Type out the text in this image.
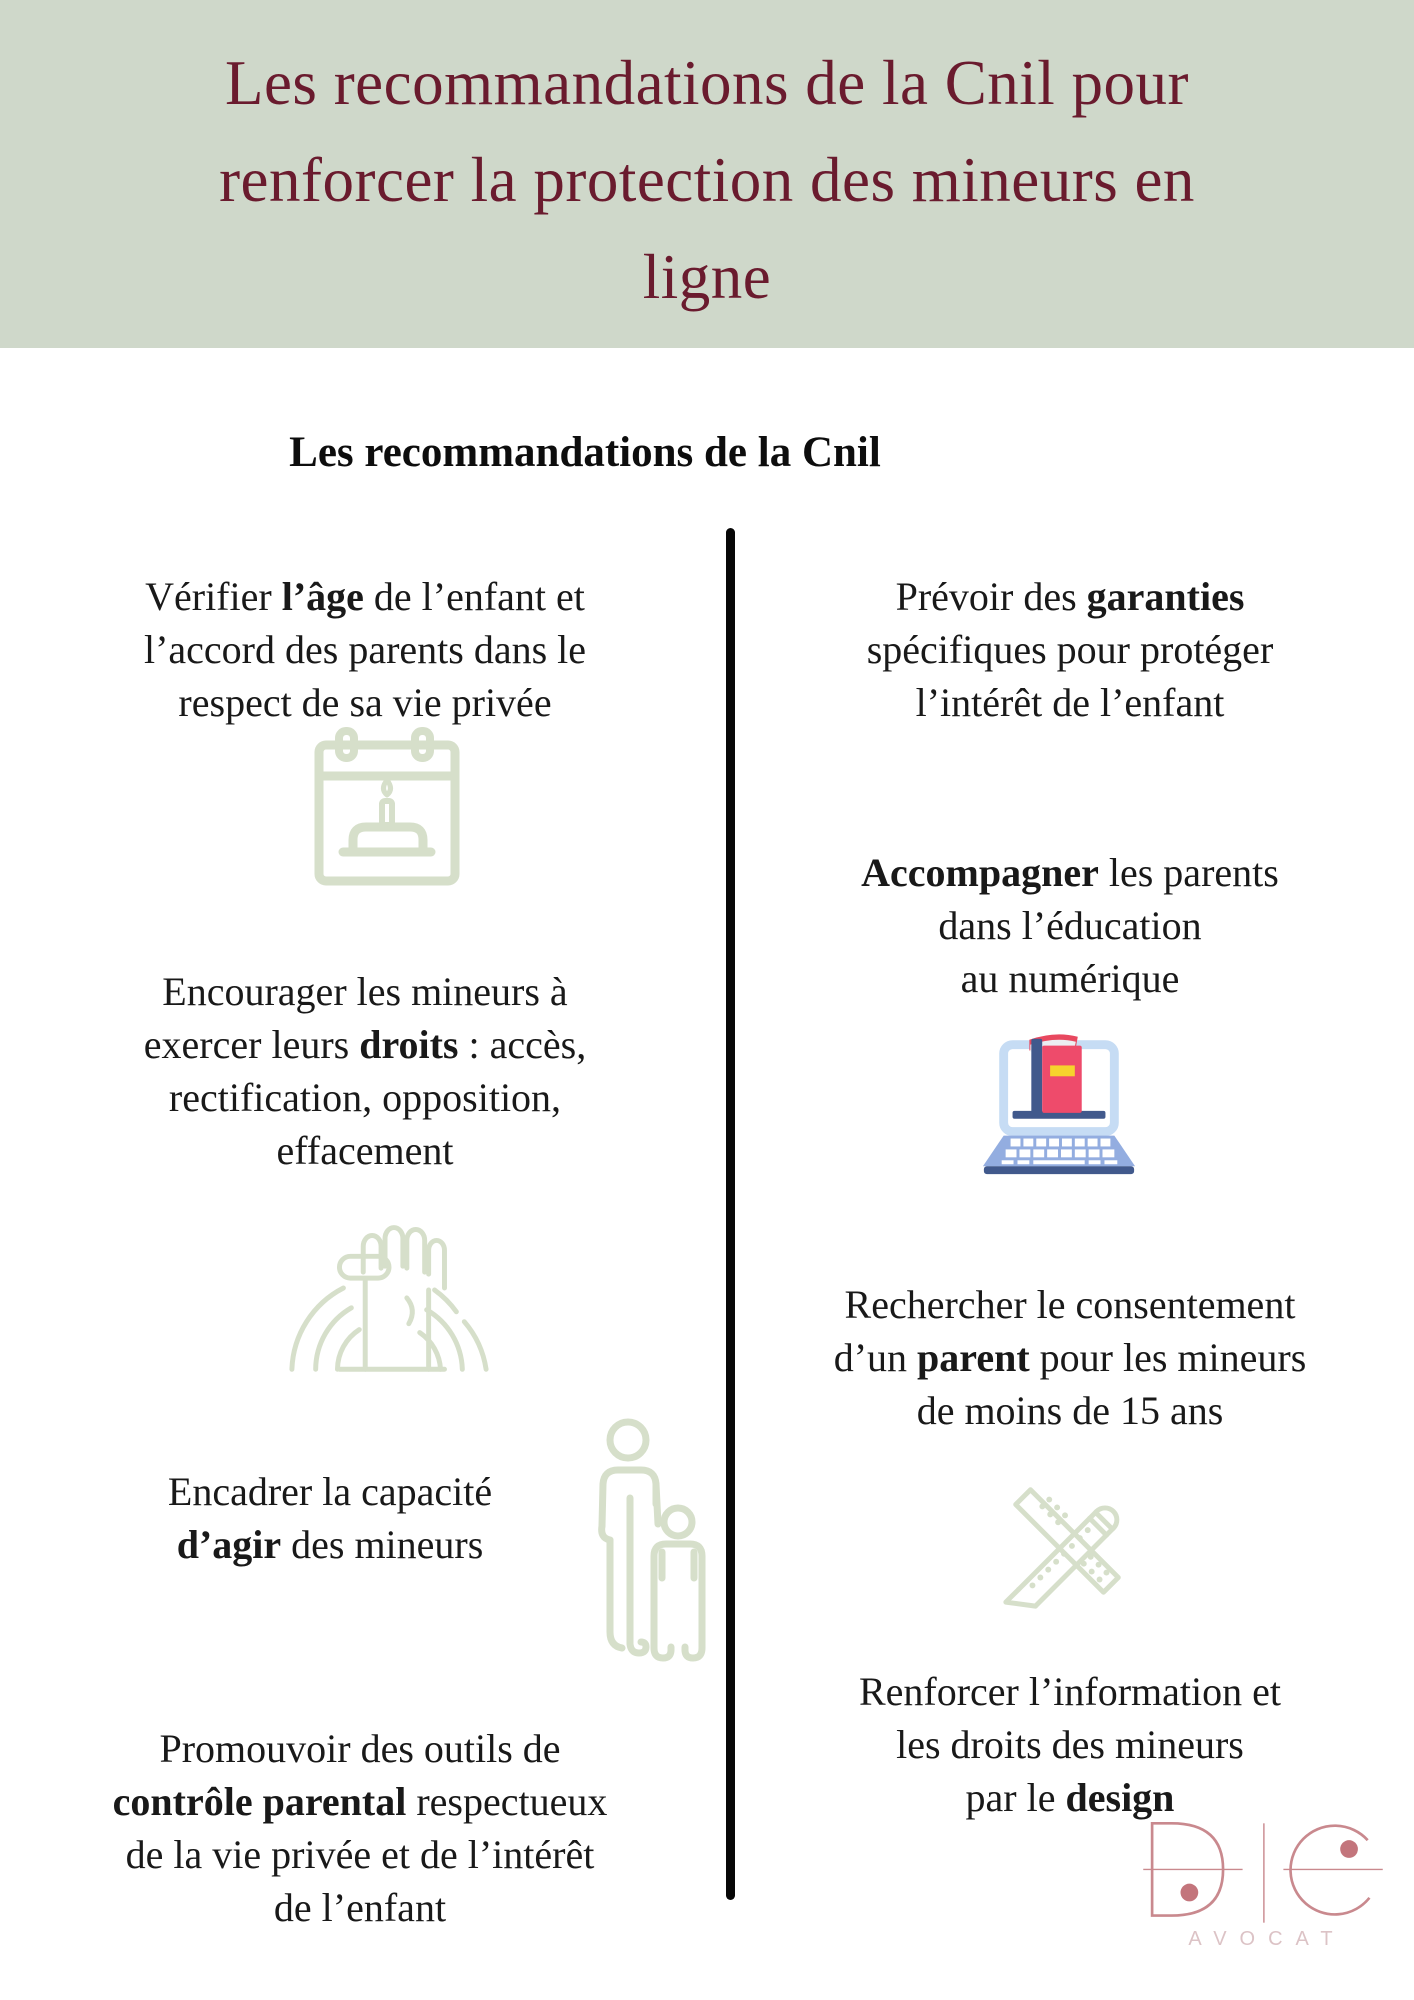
Les recommandations de la Cnil pour
renforcer la protection des mineurs en
ligne
Les recommandations de la Cnil

Vérifier l’âge de l’enfant et
l’accord des parents dans le
respect de sa vie privée

Encourager les mineurs à
exercer leurs droits : accès,
rectification, opposition,
effacement

Encadrer la capacité
d’agir des mineurs

Promouvoir des outils de
contrôle parental respectueux
de la vie privée et de l’intérêt
de l’enfant

Prévoir des garanties
spécifiques pour protéger
l’intérêt de l’enfant

Accompagner les parents
dans l’éducation
au numérique

Rechercher le consentement
d’un parent pour les mineurs
de moins de 15 ans

Renforcer l’information et
les droits des mineurs
par le design

AVOCAT
